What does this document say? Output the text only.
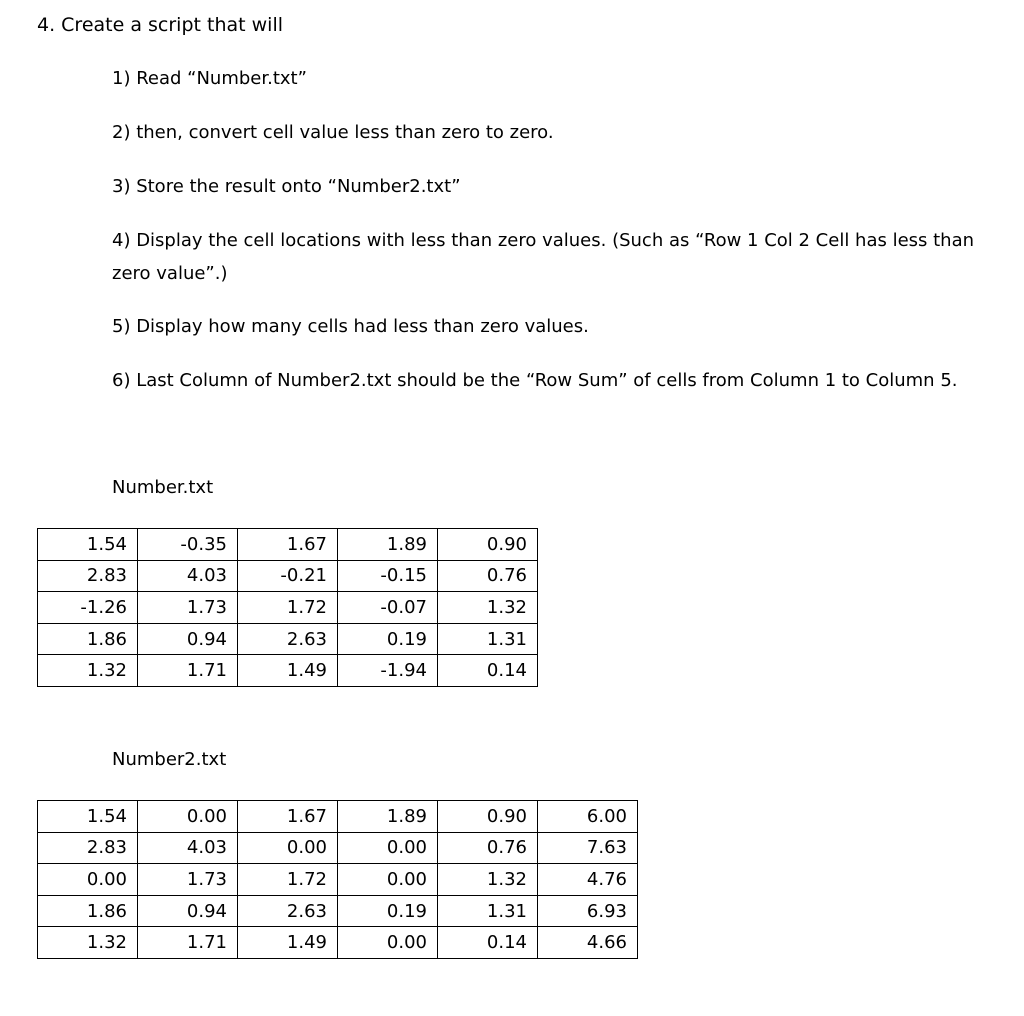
4. Create a script that will
1) Read “Number.txt”
2) then, convert cell value less than zero to zero.
3) Store the result onto “Number2.txt”
4) Display the cell locations with less than zero values. (Such as “Row 1 Col 2 Cell has less than
zero value”.)
5) Display how many cells had less than zero values.
6) Last Column of Number2.txt should be the “Row Sum” of cells from Column 1 to Column 5.
Number.txt
1.54	-0.35	1.67	1.89	0.90
2.83	4.03	-0.21	-0.15	0.76
-1.26	1.73	1.72	-0.07	1.32
1.86	0.94	2.63	0.19	1.31
1.32	1.71	1.49	-1.94	0.14
Number2.txt
1.54	0.00	1.67	1.89	0.90	6.00
2.83	4.03	0.00	0.00	0.76	7.63
0.00	1.73	1.72	0.00	1.32	4.76
1.86	0.94	2.63	0.19	1.31	6.93
1.32	1.71	1.49	0.00	0.14	4.66
